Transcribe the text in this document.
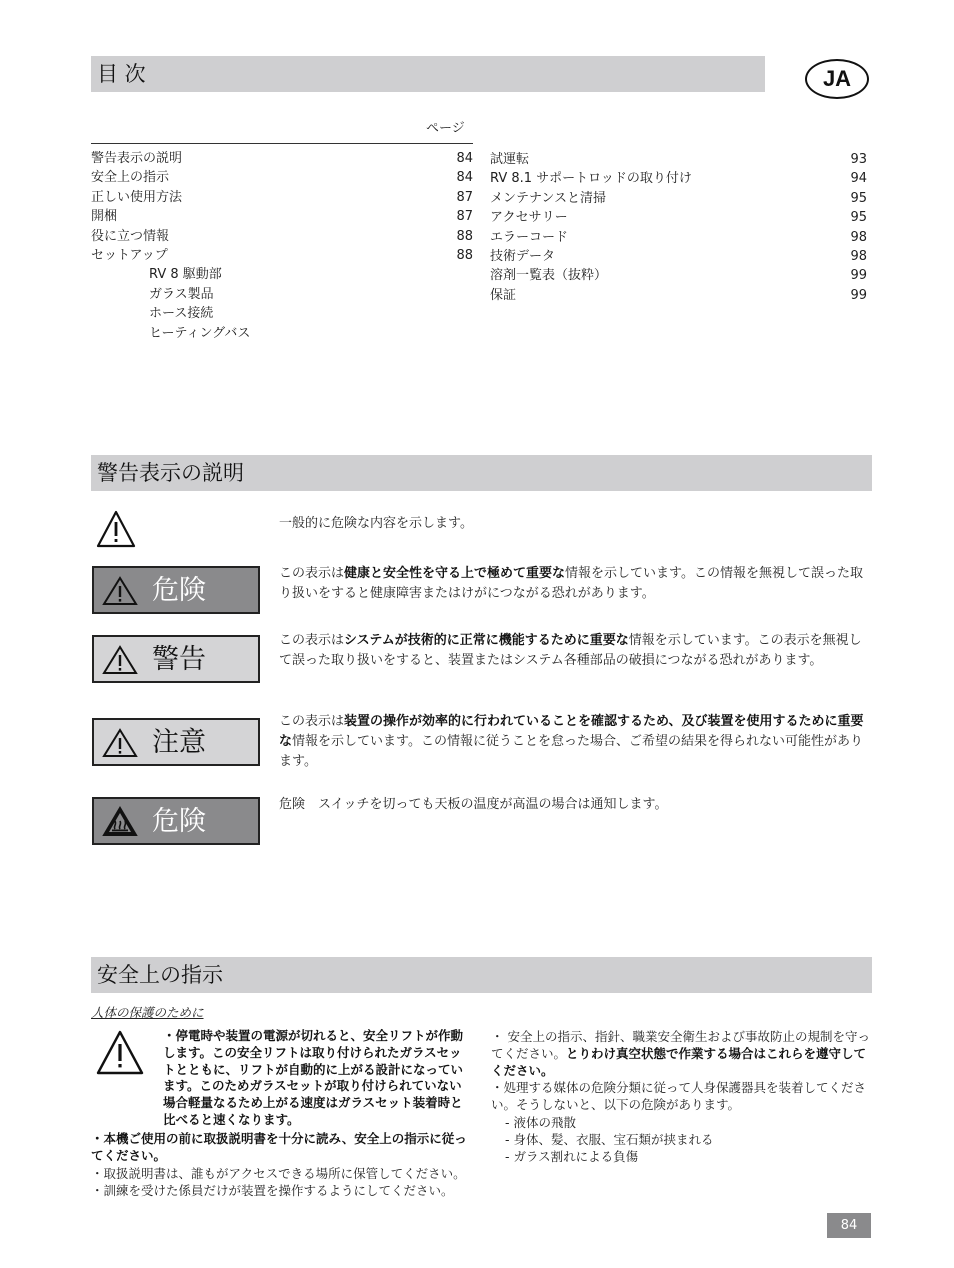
目 次	JA
ページ
警告表示の説明	84
安全上の指示	84
正しい使用方法	87
開梱	87
役に立つ情報	88
セットアップ	88
RV 8 駆動部
ガラス製品
ホース接続
ヒーティングバス
試運転	93
RV 8.1 サポートロッドの取り付け	94
メンテナンスと清掃	95
アクセサリー	95
エラーコード	98
技術データ	98
溶剤一覧表（抜粋）	99
保証	99
警告表示の説明
一般的に危険な内容を示します。
危険
この表示は健康と安全性を守る上で極めて重要な情報を示しています。この情報を無視して誤った取り扱いをすると健康障害またはけがにつながる恐れがあります。
警告
この表示はシステムが技術的に正常に機能するために重要な情報を示しています。この表示を無視して誤った取り扱いをすると、装置またはシステム各種部品の破損につながる恐れがあります。
注意
この表示は装置の操作が効率的に行われていることを確認するため、及び装置を使用するために重要な情報を示しています。この情報に従うことを怠った場合、ご希望の結果を得られない可能性があります。
危険
危険　スイッチを切っても天板の温度が高温の場合は通知します。
安全上の指示
人体の保護のために
・停電時や装置の電源が切れると、安全リフトが作動します。この安全リフトは取り付けられたガラスセットとともに、リフトが自動的に上がる設計になっています。このためガラスセットが取り付けられていない場合軽量なるため上がる速度はガラスセット装着時と比べると速くなります。
・本機ご使用の前に取扱説明書を十分に読み、安全上の指示に従ってください。
・取扱説明書は、誰もがアクセスできる場所に保管してください。
・訓練を受けた係員だけが装置を操作するようにしてください。
・ 安全上の指示、指針、職業安全衛生および事故防止の規制を守ってください。とりわけ真空状態で作業する場合はこれらを遵守してください。
・処理する媒体の危険分類に従って人身保護器具を装着してください。そうしないと、以下の危険があります。
- 液体の飛散
- 身体、髪、衣服、宝石類が挟まれる
- ガラス割れによる負傷
84
